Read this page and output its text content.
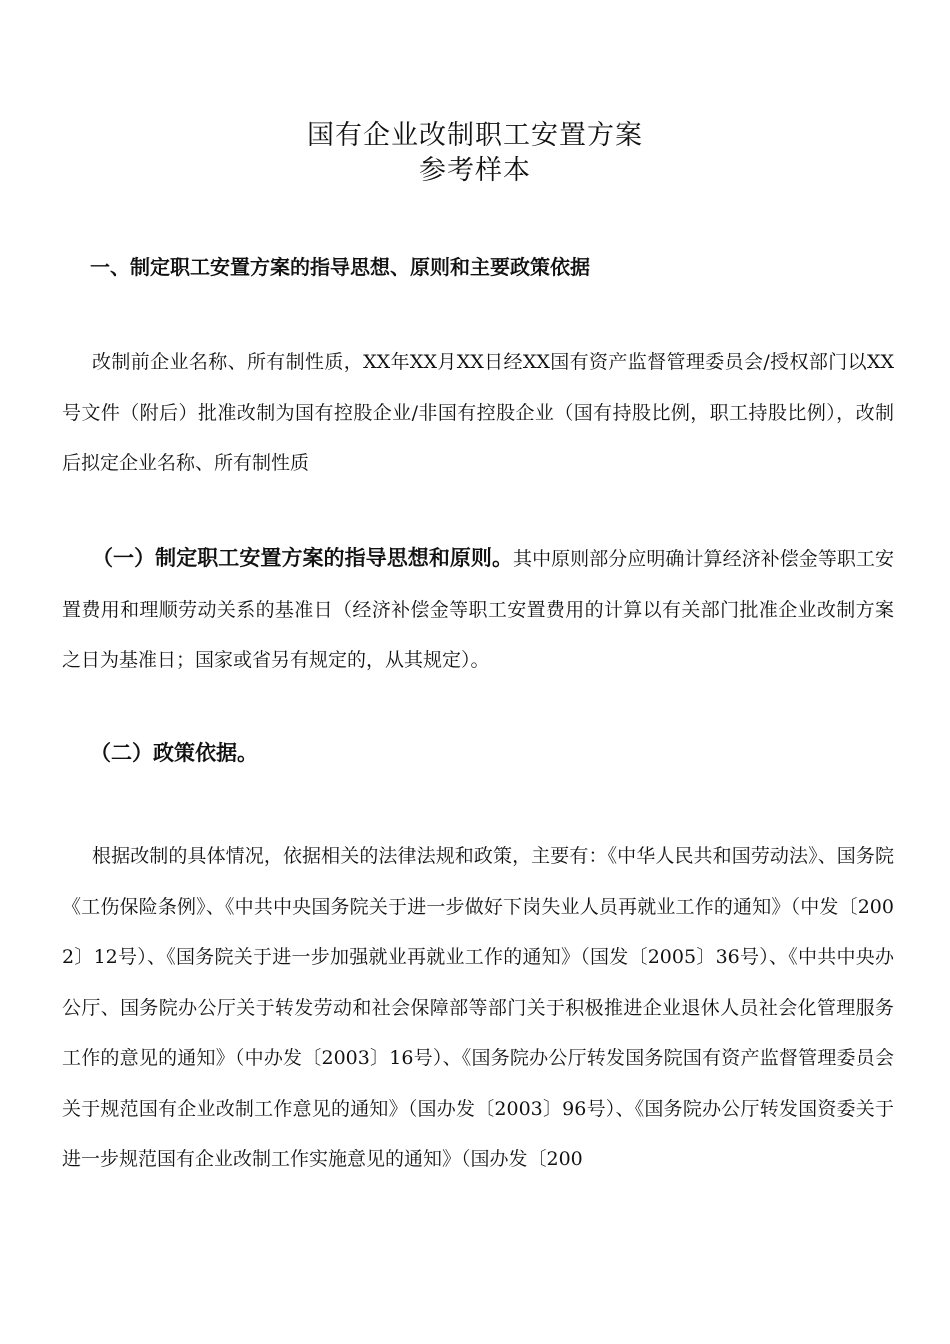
国有企业改制职工安置方案
参考样本
一、制定职工安置方案的指导思想、原则和主要政策依据

改制前企业名称、所有制性质，XX年XX月XX日经XX国有资产监督管理委员会/授权部门以XX号文件（附后）批准改制为国有控股企业/非国有控股企业（国有持股比例，职工持股比例），改制后拟定企业名称、所有制性质

（一）制定职工安置方案的指导思想和原则。其中原则部分应明确计算经济补偿金等职工安置费用和理顺劳动关系的基准日（经济补偿金等职工安置费用的计算以有关部门批准企业改制方案之日为基准日；国家或省另有规定的，从其规定）。

（二）政策依据。

根据改制的具体情况，依据相关的法律法规和政策，主要有：《中华人民共和国劳动法》、国务院《工伤保险条例》、《中共中央国务院关于进一步做好下岗失业人员再就业工作的通知》（中发〔2002〕12号）、《国务院关于进一步加强就业再就业工作的通知》（国发〔2005〕36号）、《中共中央办公厅、国务院办公厅关于转发劳动和社会保障部等部门关于积极推进企业退休人员社会化管理服务工作的意见的通知》（中办发〔2003〕16号）、《国务院办公厅转发国务院国有资产监督管理委员会关于规范国有企业改制工作意见的通知》（国办发〔2003〕96号）、《国务院办公厅转发国资委关于进一步规范国有企业改制工作实施意见的通知》（国办发〔200
